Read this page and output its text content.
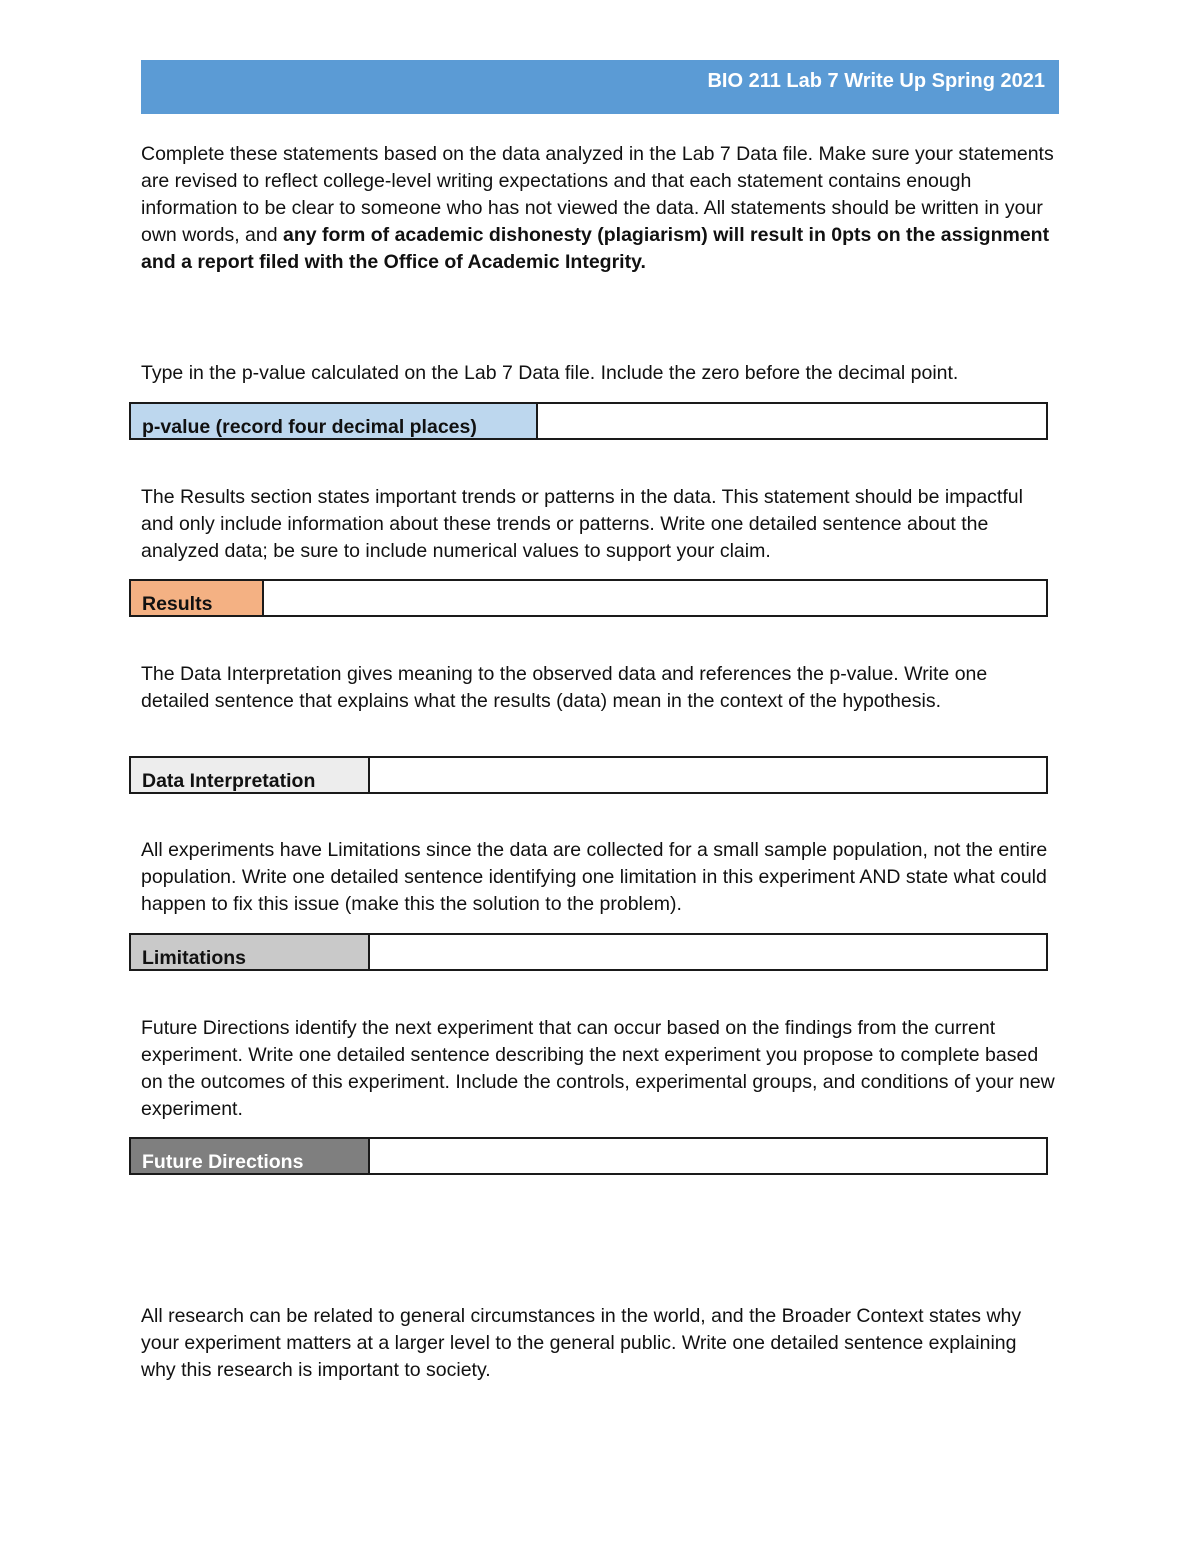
BIO 211 Lab 7 Write Up Spring 2021

Complete these statements based on the data analyzed in the Lab 7 Data file. Make sure your statements are revised to reflect college-level writing expectations and that each statement contains enough information to be clear to someone who has not viewed the data. All statements should be written in your own words, and any form of academic dishonesty (plagiarism) will result in 0pts on the assignment and a report filed with the Office of Academic Integrity.

Type in the p-value calculated on the Lab 7 Data file. Include the zero before the decimal point.

p-value (record four decimal places)

The Results section states important trends or patterns in the data. This statement should be impactful and only include information about these trends or patterns. Write one detailed sentence about the analyzed data; be sure to include numerical values to support your claim.

Results

The Data Interpretation gives meaning to the observed data and references the p-value. Write one detailed sentence that explains what the results (data) mean in the context of the hypothesis.

Data Interpretation

All experiments have Limitations since the data are collected for a small sample population, not the entire population. Write one detailed sentence identifying one limitation in this experiment AND state what could happen to fix this issue (make this the solution to the problem).

Limitations

Future Directions identify the next experiment that can occur based on the findings from the current experiment. Write one detailed sentence describing the next experiment you propose to complete based on the outcomes of this experiment. Include the controls, experimental groups, and conditions of your new experiment.

Future Directions

All research can be related to general circumstances in the world, and the Broader Context states why your experiment matters at a larger level to the general public. Write one detailed sentence explaining why this research is important to society.
